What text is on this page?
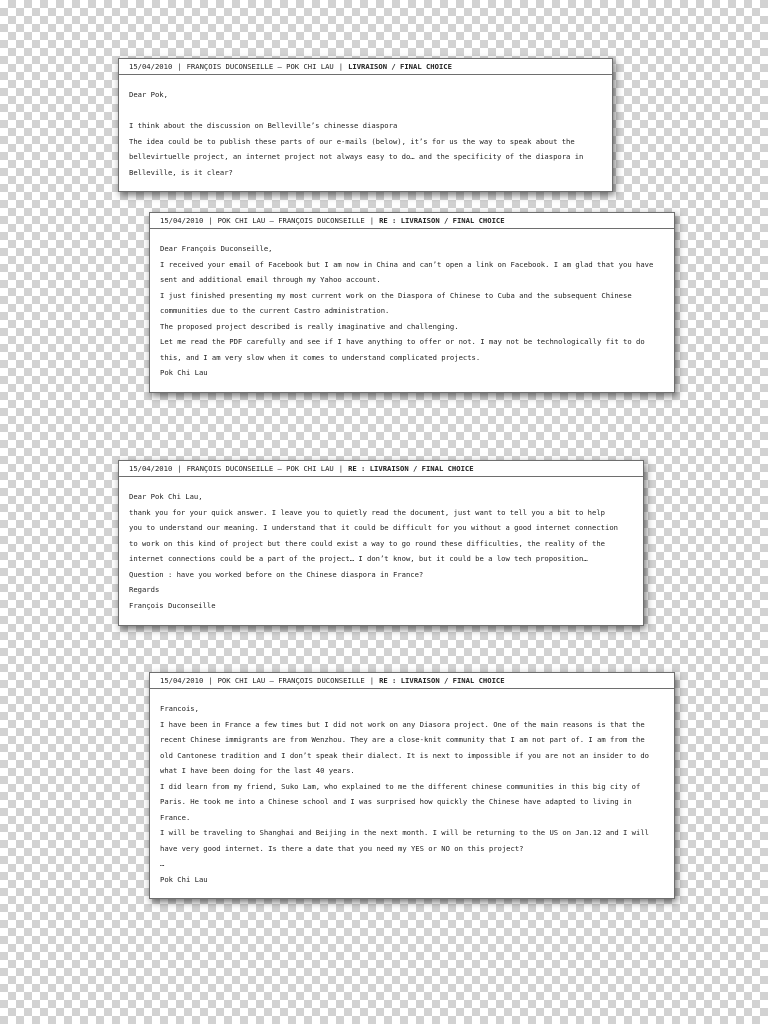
15/04/2010 | FRANÇOIS DUCONSEILLE — POK CHI LAU | LIVRAISON / FINAL CHOICE
Dear Pok,
I think about the discussion on Belleville’s chinesse diaspora
The idea could be to publish these parts of our e-mails (below), it’s for us the way to speak about the
bellevirtuelle project, an internet project not always easy to do… and the specificity of the diaspora in
Belleville, is it clear?
15/04/2010 | POK CHI LAU — FRANÇOIS DUCONSEILLE | RE : LIVRAISON / FINAL CHOICE
Dear François Duconseille,
I received your email of Facebook but I am now in China and can’t open a link on Facebook. I am glad that you have
sent and additional email through my Yahoo account.
I just finished presenting my most current work on the Diaspora of Chinese to Cuba and the subsequent Chinese
communities due to the current Castro administration.
The proposed project described is really imaginative and challenging.
Let me read the PDF carefully and see if I have anything to offer or not. I may not be technologically fit to do
this, and I am very slow when it comes to understand complicated projects.
Pok Chi Lau
15/04/2010 | FRANÇOIS DUCONSEILLE — POK CHI LAU | RE : LIVRAISON / FINAL CHOICE
Dear Pok Chi Lau,
thank you for your quick answer. I leave you to quietly read the document, just want to tell you a bit to help
you to understand our meaning. I understand that it could be difficult for you without a good internet connection
to work on this kind of project but there could exist a way to go round these difficulties, the reality of the
internet connections could be a part of the project… I don’t know, but it could be a low tech proposition…
Question : have you worked before on the Chinese diaspora in France?
Regards
François Duconseille
15/04/2010 | POK CHI LAU — FRANÇOIS DUCONSEILLE | RE : LIVRAISON / FINAL CHOICE
Francois,
I have been in France a few times but I did not work on any Diasora project. One of the main reasons is that the
recent Chinese immigrants are from Wenzhou. They are a close-knit community that I am not part of. I am from the
old Cantonese tradition and I don’t speak their dialect. It is next to impossible if you are not an insider to do
what I have been doing for the last 40 years.
I did learn from my friend, Suko Lam, who explained to me the different chinese communities in this big city of
Paris. He took me into a Chinese school and I was surprised how quickly the Chinese have adapted to living in
France.
I will be traveling to Shanghai and Beijing in the next month. I will be returning to the US on Jan.12 and I will
have very good internet. Is there a date that you need my YES or NO on this project?
…
Pok Chi Lau
